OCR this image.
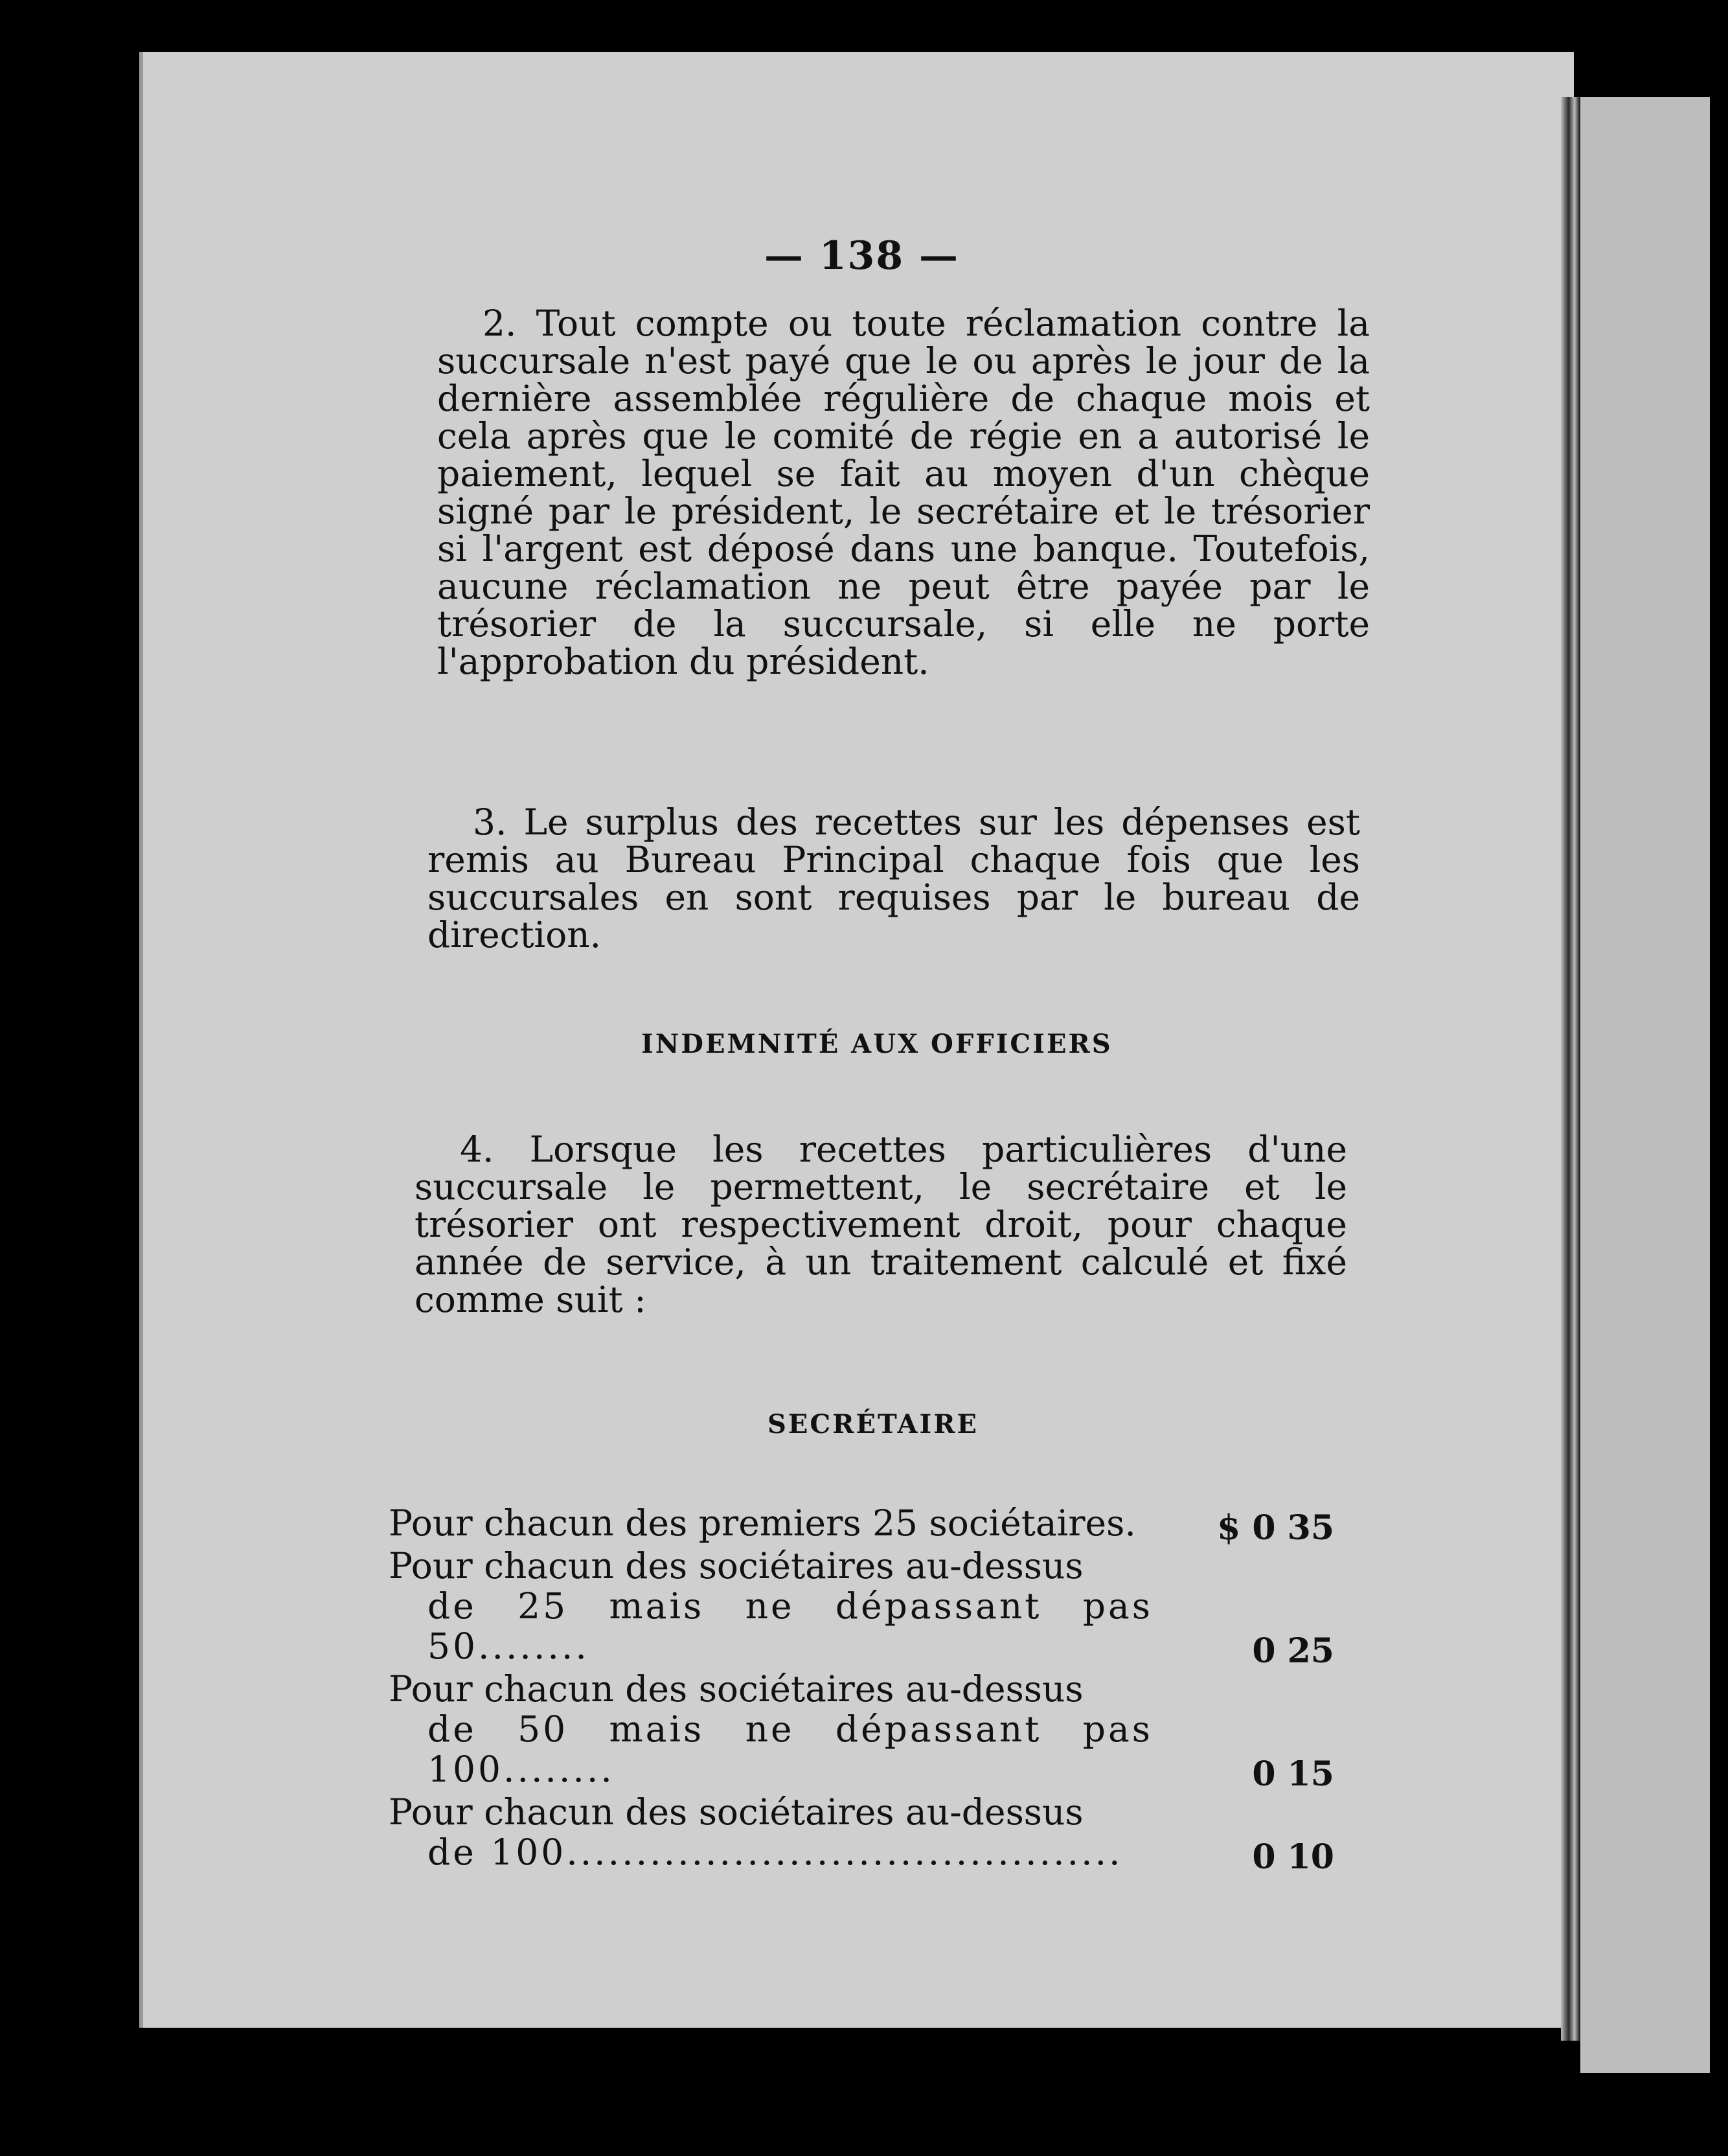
— 138 —

2. Tout compte ou toute réclamation contre la succursale n'est payé que le ou après le jour de la dernière assemblée régulière de chaque mois et cela après que le comité de régie en a autorisé le paiement, lequel se fait au moyen d'un chèque signé par le président, le secrétaire et le trésorier si l'argent est déposé dans une banque. Toutefois, aucune réclamation ne peut être payée par le trésorier de la succursale, si elle ne porte l'approbation du président.

3. Le surplus des recettes sur les dépenses est remis au Bureau Principal chaque fois que les succursales en sont requises par le bureau de direction.

INDEMNITÉ AUX OFFICIERS

4. Lorsque les recettes particulières d'une succursale le permettent, le secrétaire et le trésorier ont respectivement droit, pour chaque année de service, à un traitement calculé et fixé comme suit :

SECRÉTAIRE
Pour chacun des premiers 25 sociétaires.	$ 0 35
Pour chacun des sociétaires au-dessus
de 25 mais ne dépassant pas 50........	0 25
Pour chacun des sociétaires au-dessus
de 50 mais ne dépassant pas 100........	0 15
Pour chacun des sociétaires au-dessus
de 100........................................	0 10
